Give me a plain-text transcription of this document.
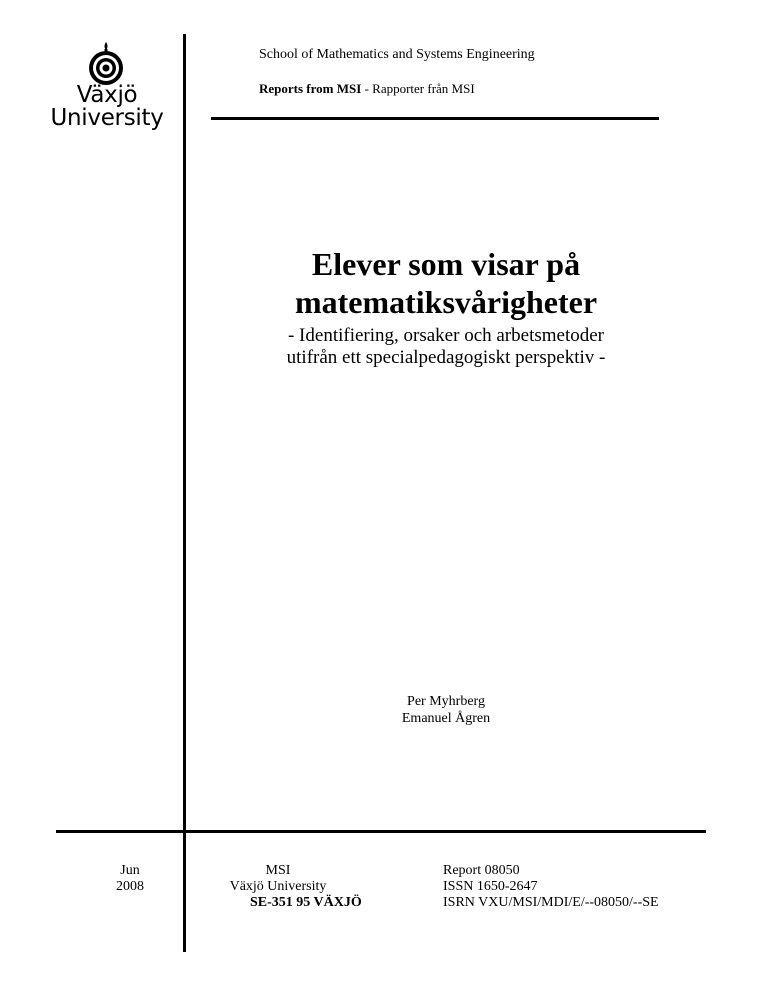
Växjö
University
School of Mathematics and Systems Engineering
Reports from MSI - Rapporter från MSI
Elever som visar på
matematiksvårigheter
- Identifiering, orsaker och arbetsmetoder
utifrån ett specialpedagogiskt perspektiv -
Per Myhrberg
Emanuel Ågren
Jun
2008
MSI
Växjö University
SE-351 95 VÄXJÖ
Report 08050
ISSN 1650-2647
ISRN VXU/MSI/MDI/E/--08050/--SE
